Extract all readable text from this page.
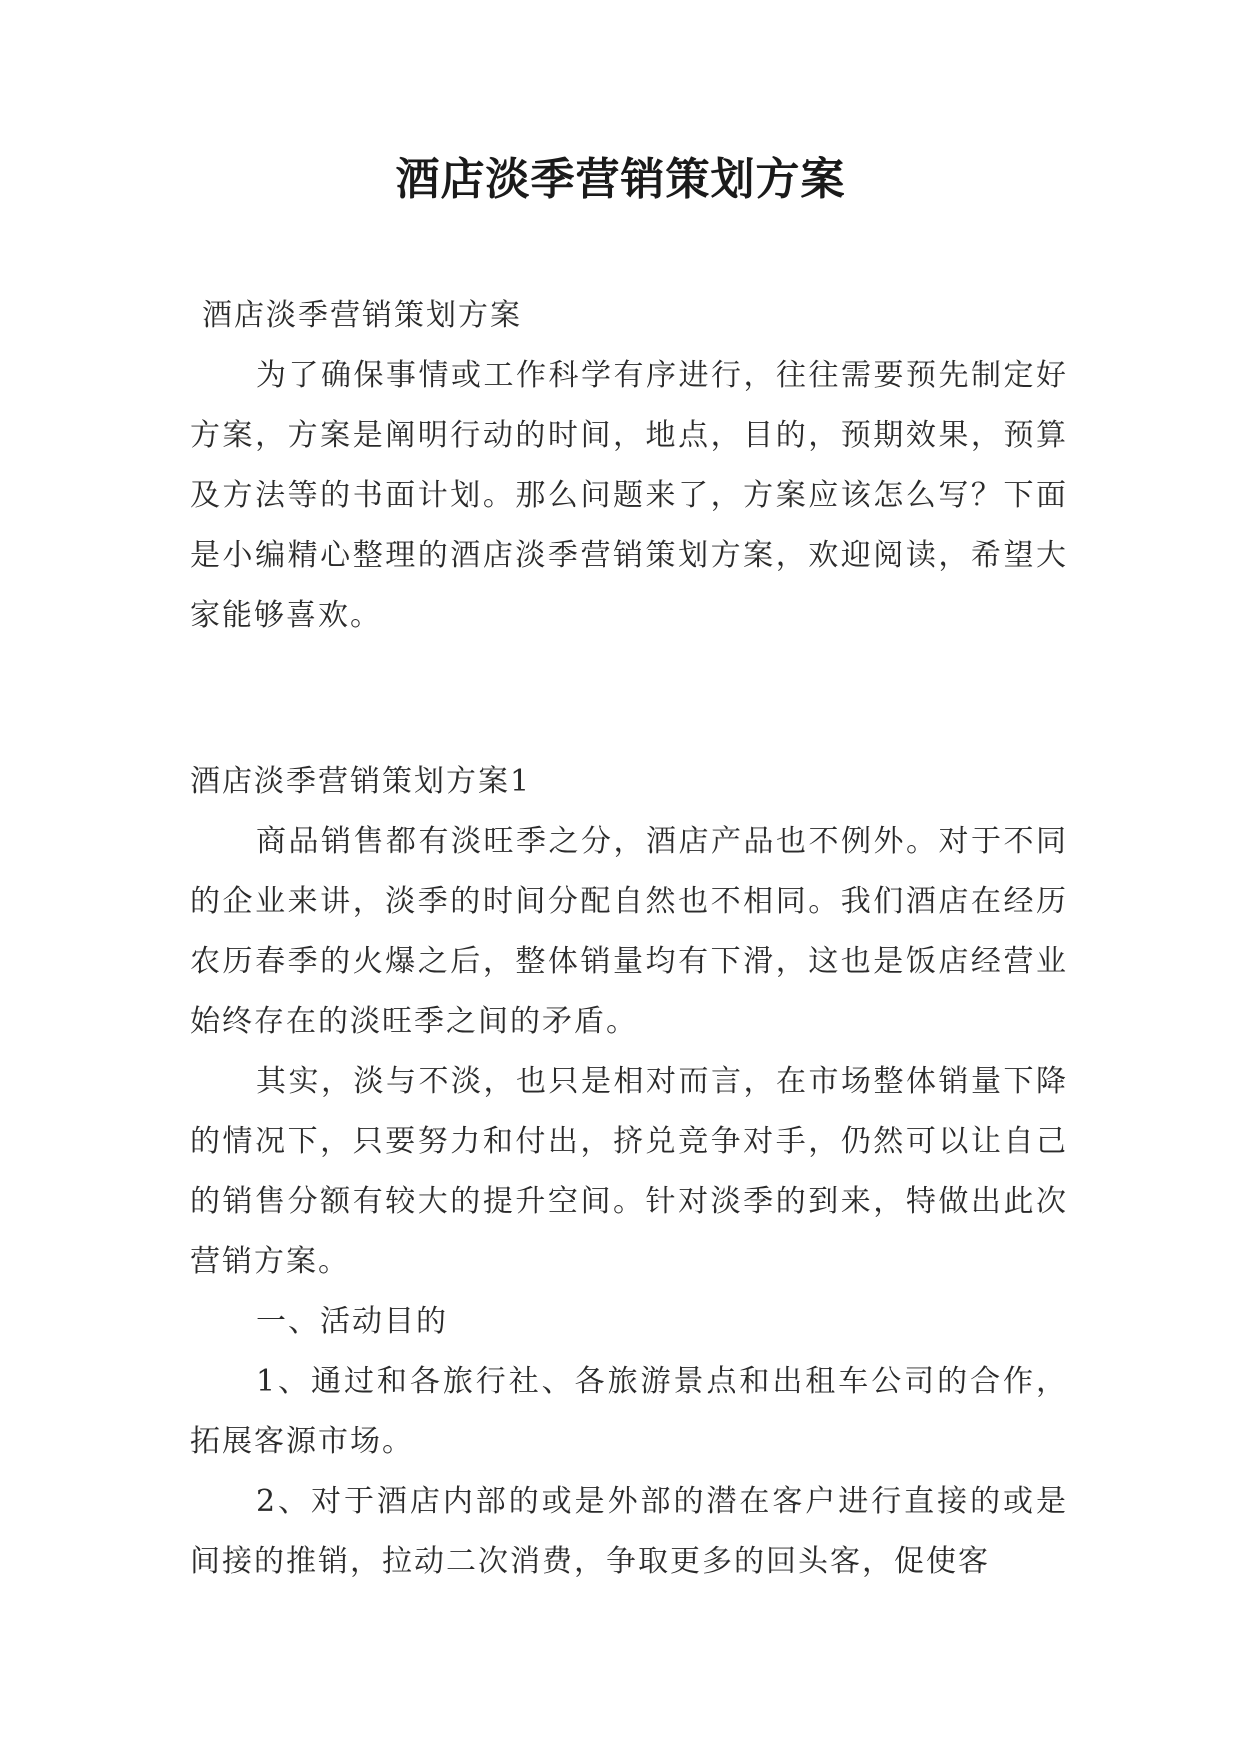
酒店淡季营销策划方案

酒店淡季营销策划方案

为了确保事情或工作科学有序进行，往往需要预先制定好方案，方案是阐明行动的时间，地点，目的，预期效果，预算及方法等的书面计划。那么问题来了，方案应该怎么写？下面是小编精心整理的酒店淡季营销策划方案，欢迎阅读，希望大家能够喜欢。

酒店淡季营销策划方案1

商品销售都有淡旺季之分，酒店产品也不例外。对于不同的企业来讲，淡季的时间分配自然也不相同。我们酒店在经历农历春季的火爆之后，整体销量均有下滑，这也是饭店经营业始终存在的淡旺季之间的矛盾。

其实，淡与不淡，也只是相对而言，在市场整体销量下降的情况下，只要努力和付出，挤兑竞争对手，仍然可以让自己的销售分额有较大的提升空间。针对淡季的到来，特做出此次营销方案。

一、活动目的

1、通过和各旅行社、各旅游景点和出租车公司的合作，拓展客源市场。

2、对于酒店内部的或是外部的潜在客户进行直接的或是间接的推销，拉动二次消费，争取更多的回头客，促使客
